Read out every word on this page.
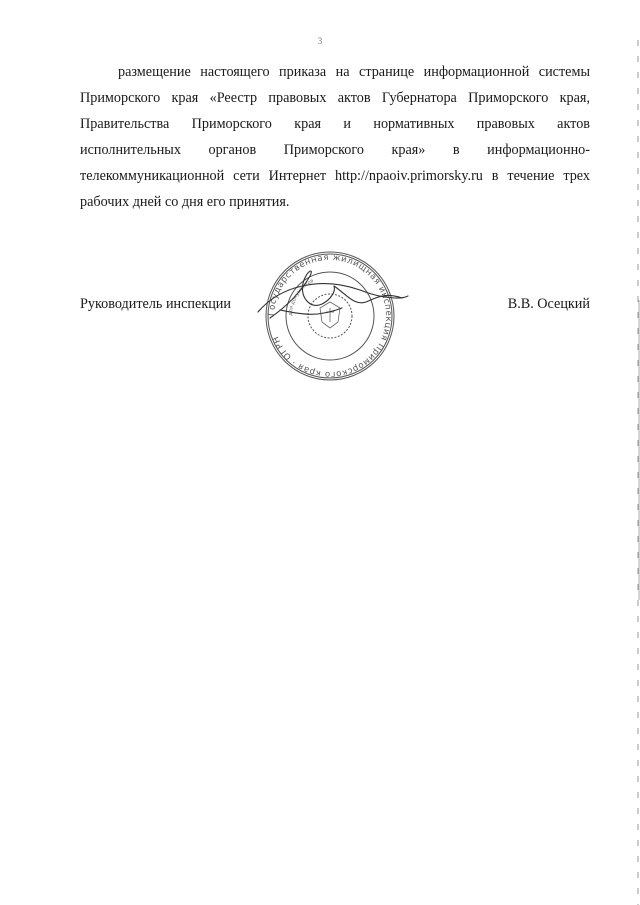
3
размещение настоящего приказа на странице информационной системы
Приморского края «Реестр правовых актов Губернатора Приморского края,
Правительства Приморского края и нормативных правовых актов
исполнительных органов Приморского края» в информационно-
телекоммуникационной сети Интернет http://npaoiv.primorsky.ru в течение трех
рабочих дней со дня его принятия.
Руководитель инспекции	В.В. Осецкий
Государственная жилищная инспекция Приморского края · ОГРН
для документов
